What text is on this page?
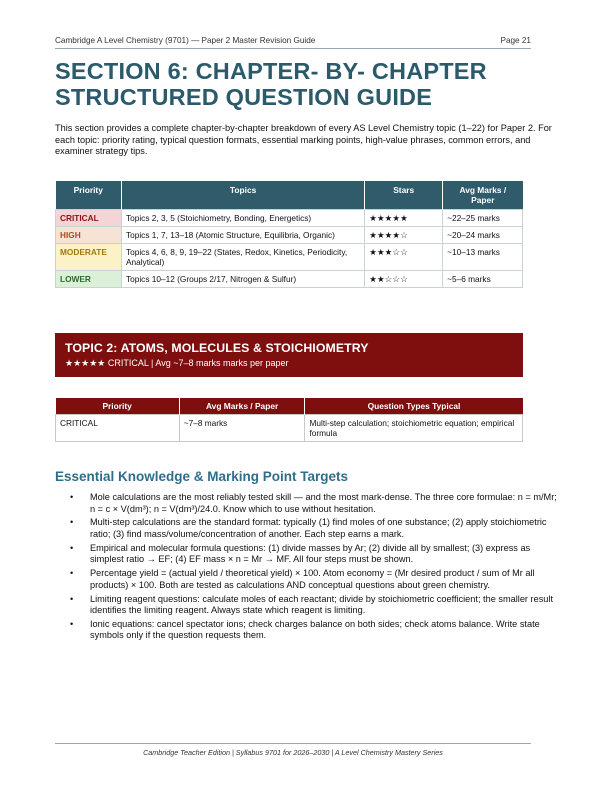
Cambridge A Level Chemistry (9701) — Paper 2 Master Revision Guide	Page 21
SECTION 6: CHAPTER- BY- CHAPTER
STRUCTURED QUESTION GUIDE

This section provides a complete chapter-by-chapter breakdown of every AS Level Chemistry topic (1–22) for Paper 2. For each topic: priority rating, typical question formats, essential marking points, high-value phrases, common errors, and examiner strategy tips.

Priority	Topics	Stars	Avg Marks / Paper
CRITICAL	Topics 2, 3, 5 (Stoichiometry, Bonding, Energetics)	★★★★★	~22–25 marks
HIGH	Topics 1, 7, 13–18 (Atomic Structure, Equilibria, Organic)	★★★★☆	~20–24 marks
MODERATE	Topics 4, 6, 8, 9, 19–22 (States, Redox, Kinetics, Periodicity, Analytical)	★★★☆☆	~10–13 marks
LOWER	Topics 10–12 (Groups 2/17, Nitrogen & Sulfur)	★★☆☆☆	~5–6 marks
TOPIC 2: ATOMS, MOLECULES & STOICHIOMETRY
★★★★★ CRITICAL | Avg ~7–8 marks marks per paper
Priority	Avg Marks / Paper	Question Types Typical
CRITICAL	~7–8 marks	Multi-step calculation; stoichiometric equation; empirical formula
Essential Knowledge & Marking Point Targets
• Mole calculations are the most reliably tested skill — and the most mark-dense. The three core formulae: n = m/Mr; n = c × V(dm³); n = V(dm³)/24.0. Know which to use without hesitation.
• Multi-step calculations are the standard format: typically (1) find moles of one substance; (2) apply stoichiometric ratio; (3) find mass/volume/concentration of another. Each step earns a mark.
• Empirical and molecular formula questions: (1) divide masses by Ar; (2) divide all by smallest; (3) express as simplest ratio → EF; (4) EF mass × n = Mr → MF. All four steps must be shown.
• Percentage yield = (actual yield / theoretical yield) × 100. Atom economy = (Mr desired product / sum of Mr all products) × 100. Both are tested as calculations AND conceptual questions about green chemistry.
• Limiting reagent questions: calculate moles of each reactant; divide by stoichiometric coefficient; the smaller result identifies the limiting reagent. Always state which reagent is limiting.
• Ionic equations: cancel spectator ions; check charges balance on both sides; check atoms balance. Write state symbols only if the question requests them.
Cambridge Teacher Edition | Syllabus 9701 for 2026–2030 | A Level Chemistry Mastery Series
